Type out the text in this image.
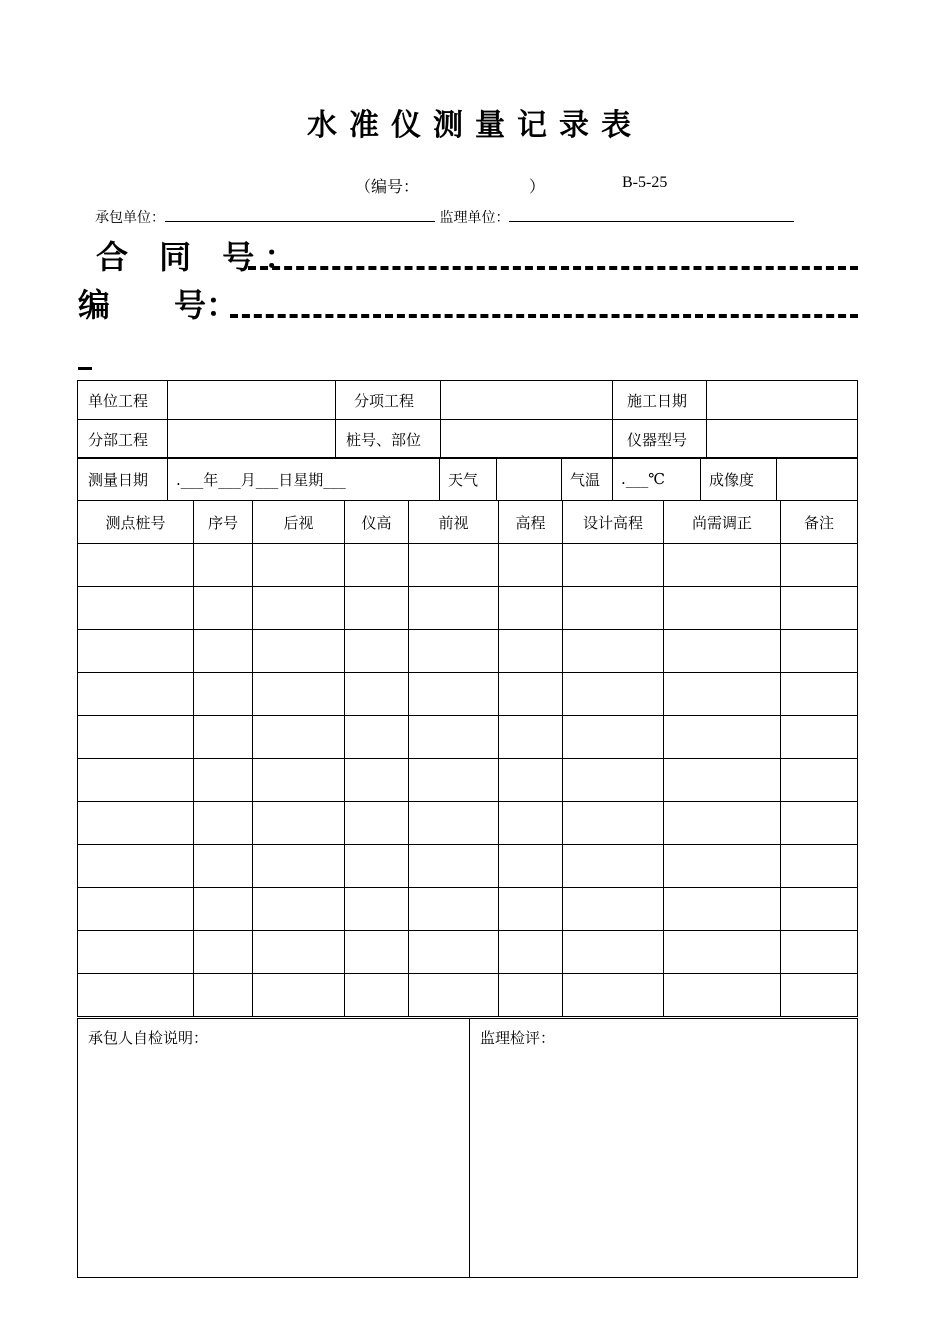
水准仪测量记录表
（编号：	）	B-5-25
承包单位：	监理单位：
合 同 号：
编　　号：
单位工程		分项工程		施工日期	
分部工程		桩号、部位		仪器型号	
测量日期	.___年___月___日星期___	天气		气温	.___℃	成像度	
测点桩号	序号	后视	仪高	前视	高程	设计高程	尚需调正	备注

承包人自检说明：	监理检评：
